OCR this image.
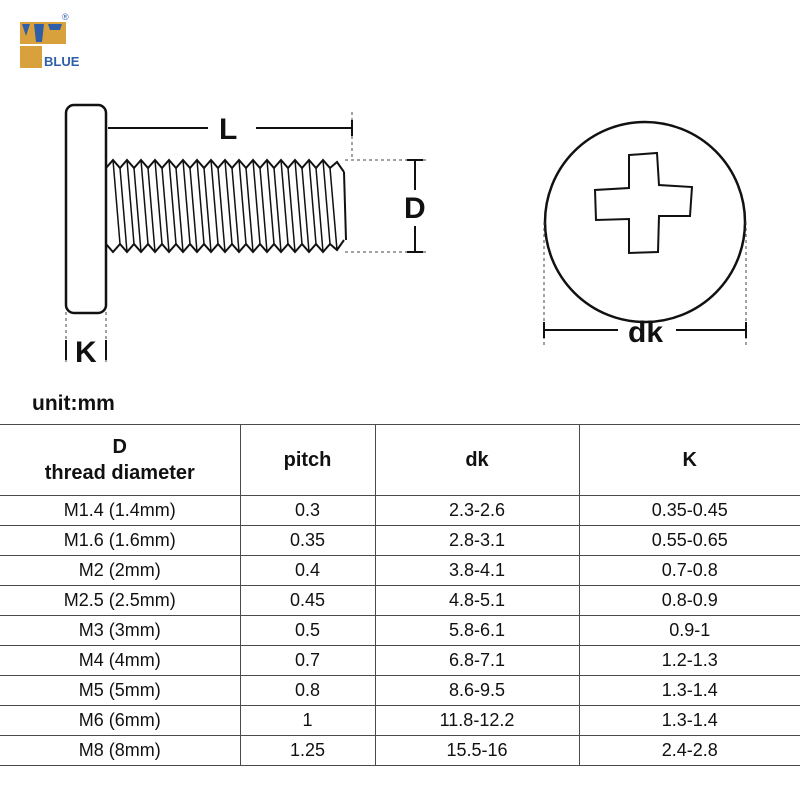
BLUE
®
L
D
K
dk
unit:mm
D
thread diameter	pitch	dk	K
M1.4 (1.4mm)	0.3	2.3-2.6	0.35-0.45
M1.6 (1.6mm)	0.35	2.8-3.1	0.55-0.65
M2 (2mm)	0.4	3.8-4.1	0.7-0.8
M2.5 (2.5mm)	0.45	4.8-5.1	0.8-0.9
M3 (3mm)	0.5	5.8-6.1	0.9-1
M4 (4mm)	0.7	6.8-7.1	1.2-1.3
M5 (5mm)	0.8	8.6-9.5	1.3-1.4
M6 (6mm)	1	11.8-12.2	1.3-1.4
M8 (8mm)	1.25	15.5-16	2.4-2.8
